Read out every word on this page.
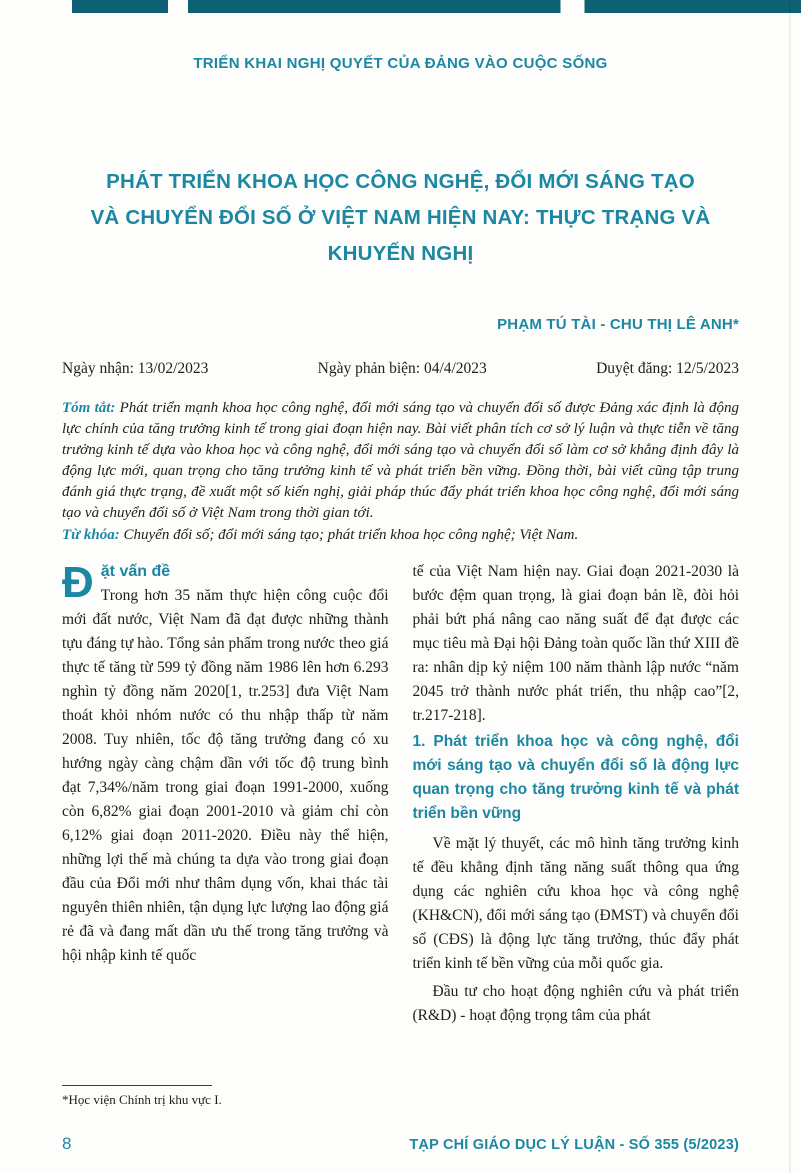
TRIỂN KHAI NGHỊ QUYẾT CỦA ĐẢNG VÀO CUỘC SỐNG
PHÁT TRIỂN KHOA HỌC CÔNG NGHỆ, ĐỔI MỚI SÁNG TẠO
VÀ CHUYỂN ĐỔI SỐ Ở VIỆT NAM HIỆN NAY: THỰC TRẠNG VÀ KHUYẾN NGHỊ
PHẠM TÚ TÀI - CHU THỊ LÊ ANH*
Ngày nhận: 13/02/2023	Ngày phản biện: 04/4/2023	Duyệt đăng: 12/5/2023

Tóm tắt: Phát triển mạnh khoa học công nghệ, đổi mới sáng tạo và chuyển đổi số được Đảng xác định là động lực chính của tăng trưởng kinh tế trong giai đoạn hiện nay. Bài viết phân tích cơ sở lý luận và thực tiễn về tăng trưởng kinh tế dựa vào khoa học và công nghệ, đổi mới sáng tạo và chuyển đổi số làm cơ sở khẳng định đây là động lực mới, quan trọng cho tăng trưởng kinh tế và phát triển bền vững. Đồng thời, bài viết cũng tập trung đánh giá thực trạng, đề xuất một số kiến nghị, giải pháp thúc đẩy phát triển khoa học công nghệ, đổi mới sáng tạo và chuyển đổi số ở Việt Nam trong thời gian tới.

Từ khóa: Chuyển đổi số; đổi mới sáng tạo; phát triển khoa học công nghệ; Việt Nam.

Đ ặt vấn đề

Trong hơn 35 năm thực hiện công cuộc đổi mới đất nước, Việt Nam đã đạt được những thành tựu đáng tự hào. Tổng sản phẩm trong nước theo giá thực tế tăng từ 599 tỷ đồng năm 1986 lên hơn 6.293 nghìn tỷ đồng năm 2020[1, tr.253] đưa Việt Nam thoát khỏi nhóm nước có thu nhập thấp từ năm 2008. Tuy nhiên, tốc độ tăng trưởng đang có xu hướng ngày càng chậm dần với tốc độ trung bình đạt 7,34%/năm trong giai đoạn 1991-2000, xuống còn 6,82% giai đoạn 2001-2010 và giảm chỉ còn 6,12% giai đoạn 2011-2020. Điều này thể hiện, những lợi thế mà chúng ta dựa vào trong giai đoạn đầu của Đổi mới như thâm dụng vốn, khai thác tài nguyên thiên nhiên, tận dụng lực lượng lao động giá rẻ đã và đang mất dần ưu thế trong tăng trưởng và hội nhập kinh tế quốc

*Học viện Chính trị khu vực I.

tế của Việt Nam hiện nay. Giai đoạn 2021-2030 là bước đệm quan trọng, là giai đoạn bản lề, đòi hỏi phải bứt phá nâng cao năng suất để đạt được các mục tiêu mà Đại hội Đảng toàn quốc lần thứ XIII đề ra: nhân dịp kỷ niệm 100 năm thành lập nước “năm 2045 trở thành nước phát triển, thu nhập cao”[2, tr.217-218].

1. Phát triển khoa học và công nghệ, đổi mới sáng tạo và chuyển đổi số là động lực quan trọng cho tăng trưởng kinh tế và phát triển bền vững

Về mặt lý thuyết, các mô hình tăng trưởng kinh tế đều khẳng định tăng năng suất thông qua ứng dụng các nghiên cứu khoa học và công nghệ (KH&CN), đổi mới sáng tạo (ĐMST) và chuyển đổi số (CĐS) là động lực tăng trưởng, thúc đẩy phát triển kinh tế bền vững của mỗi quốc gia.

Đầu tư cho hoạt động nghiên cứu và phát triển (R&D) - hoạt động trọng tâm của phát

8	TẠP CHÍ GIÁO DỤC LÝ LUẬN - SỐ 355 (5/2023)
